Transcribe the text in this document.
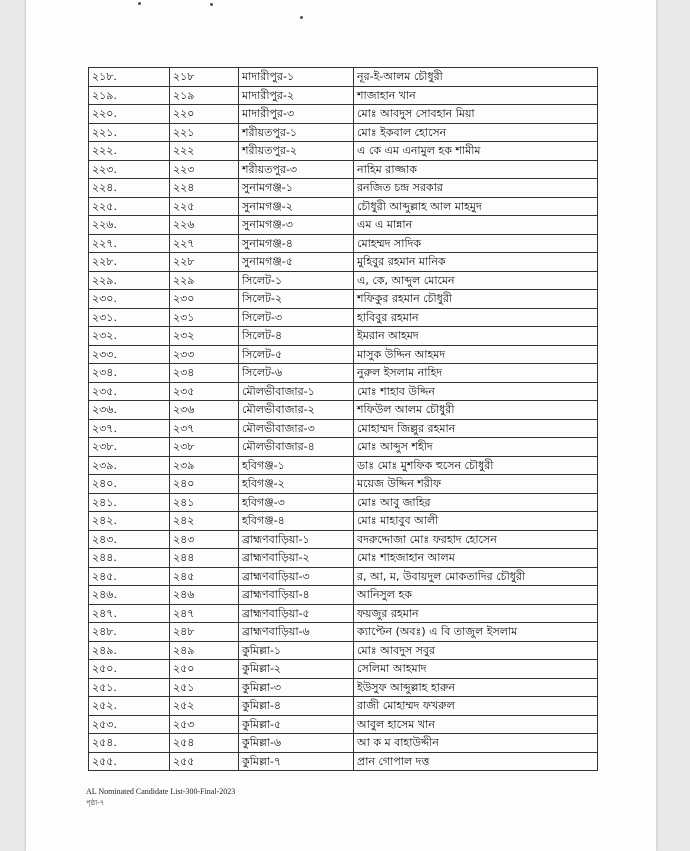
২১৮.	২১৮	মাদারীপুর-১	নূর-ই-আলম চৌধুরী
২১৯.	২১৯	মাদারীপুর-২	শাজাহান খান
২২০.	২২০	মাদারীপুর-৩	মোঃ আবদুস সোবহান মিয়া
২২১.	২২১	শরীয়তপুর-১	মোঃ ইকবাল হোসেন
২২২.	২২২	শরীয়তপুর-২	এ কে এম এনামুল হক শামীম
২২৩.	২২৩	শরীয়তপুর-৩	নাহিম রাজ্জাক
২২৪.	২২৪	সুনামগঞ্জ-১	রনজিত চন্দ্র সরকার
২২৫.	২২৫	সুনামগঞ্জ-২	চৌধুরী আব্দুল্লাহ আল মাহমুদ
২২৬.	২২৬	সুনামগঞ্জ-৩	এম এ মান্নান
২২৭.	২২৭	সুনামগঞ্জ-৪	মোহম্মদ সাদিক
২২৮.	২২৮	সুনামগঞ্জ-৫	মুহিবুর রহমান মানিক
২২৯.	২২৯	সিলেট-১	এ, কে, আব্দুল মোমেন
২৩০.	২৩০	সিলেট-২	শফিকুর রহমান চৌধুরী
২৩১.	২৩১	সিলেট-৩	হাবিবুর রহমান
২৩২.	২৩২	সিলেট-৪	ইমরান আহমদ
২৩৩.	২৩৩	সিলেট-৫	মাসুক উদ্দিন আহমদ
২৩৪.	২৩৪	সিলেট-৬	নুরুল ইসলাম নাহিদ
২৩৫.	২৩৫	মৌলভীবাজার-১	মোঃ শাহাব উদ্দিন
২৩৬.	২৩৬	মৌলভীবাজার-২	শফিউল আলম চৌধুরী
২৩৭.	২৩৭	মৌলভীবাজার-৩	মোহাম্মদ জিল্লুর রহমান
২৩৮.	২৩৮	মৌলভীবাজার-৪	মোঃ আব্দুস শহীদ
২৩৯.	২৩৯	হবিগঞ্জ-১	ডাঃ মোঃ মুশফিক হুসেন চৌধুরী
২৪০.	২৪০	হবিগঞ্জ-২	ময়েজ উদ্দিন শরীফ
২৪১.	২৪১	হবিগঞ্জ-৩	মোঃ আবু জাহির
২৪২.	২৪২	হবিগঞ্জ-৪	মোঃ মাহাবুব আলী
২৪৩.	২৪৩	ব্রাহ্মণবাড়িয়া-১	বদরুদ্দোজা মোঃ ফরহাদ হোসেন
২৪৪.	২৪৪	ব্রাহ্মণবাড়িয়া-২	মোঃ শাহজাহান আলম
২৪৫.	২৪৫	ব্রাহ্মণবাড়িয়া-৩	র, আ, ম, উবায়দুল মোকতাদির চৌধুরী
২৪৬.	২৪৬	ব্রাহ্মণবাড়িয়া-৪	আনিসুল হক
২৪৭.	২৪৭	ব্রাহ্মণবাড়িয়া-৫	ফয়জুর রহমান
২৪৮.	২৪৮	ব্রাহ্মণবাড়িয়া-৬	ক্যাপ্টেন (অবঃ) এ বি তাজুল ইসলাম
২৪৯.	২৪৯	কুমিল্লা-১	মোঃ আবদুস সবুর
২৫০.	২৫০	কুমিল্লা-২	সেলিমা আহমাদ
২৫১.	২৫১	কুমিল্লা-৩	ইউসুফ আব্দুল্লাহ হারুন
২৫২.	২৫২	কুমিল্লা-৪	রাজী মোহাম্মদ ফখরুল
২৫৩.	২৫৩	কুমিল্লা-৫	আবুল হাসেম খান
২৫৪.	২৫৪	কুমিল্লা-৬	আ ক ম বাহাউদ্দীন
২৫৫.	২৫৫	কুমিল্লা-৭	প্রান গোপাল দত্ত
AL Nominated Candidate List-300-Final-2023
পৃষ্ঠা-৭
